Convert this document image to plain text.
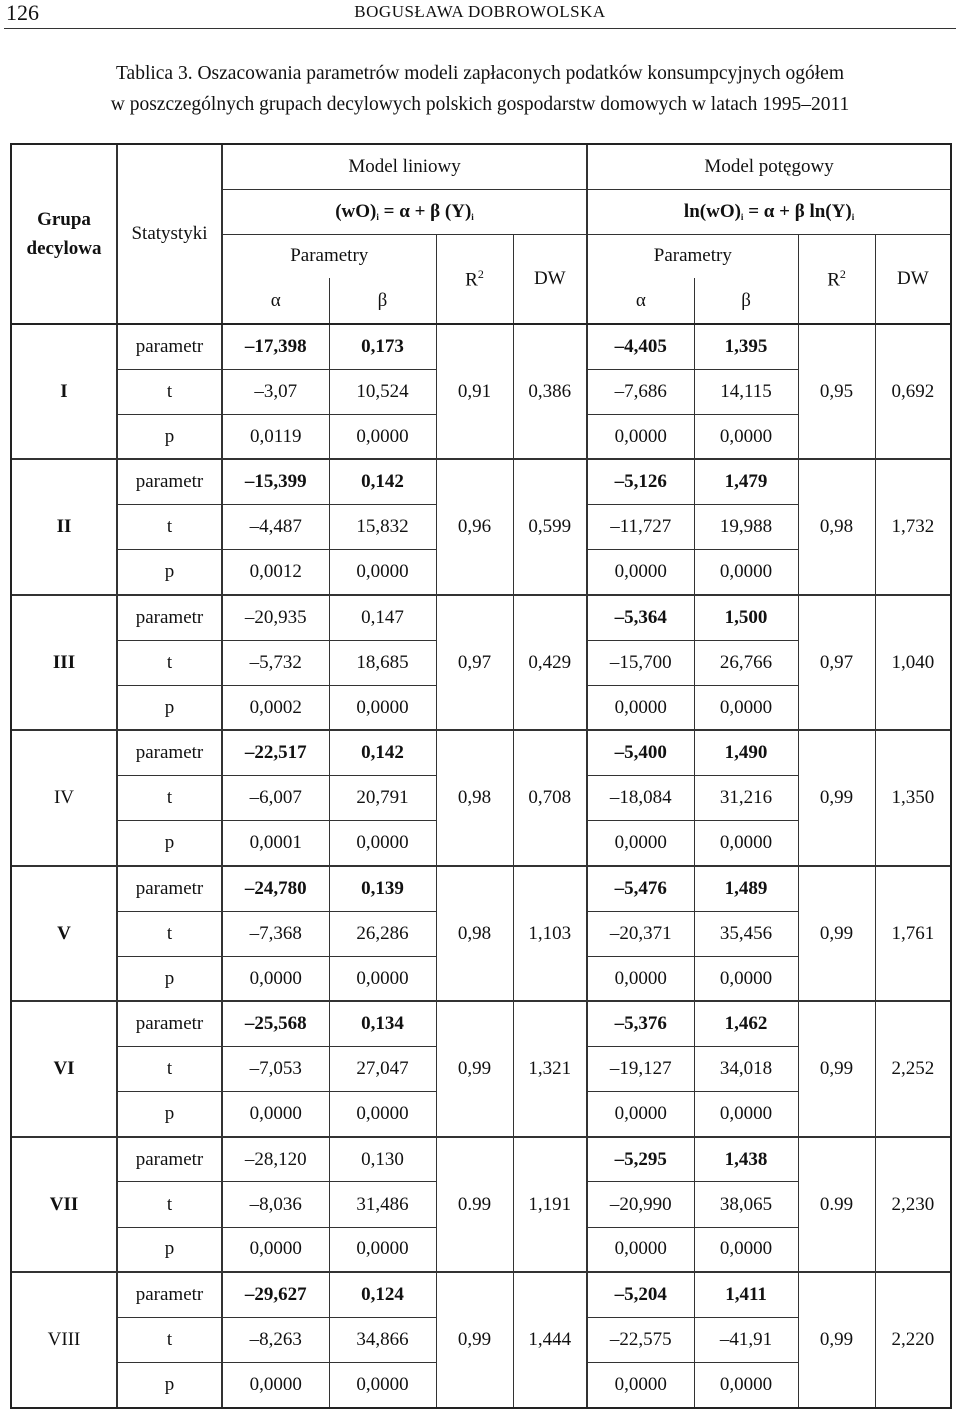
126	BOGUSŁAWA DOBROWOLSKA
Tablica 3. Oszacowania parametrów modeli zapłaconych podatków konsumpcyjnych ogółem
w poszczególnych grupach decylowych polskich gospodarstw domowych w latach 1995–2011
Grupa decylowa	Statystyki	Model liniowy				Model potęgowy			
		$(wO)_i = \alpha + \beta$ $(Y)_i$				$\ln(wO)_i = \alpha + \beta$ $\ln(Y)_i$
		Parametry		$R^2$	DW	Parametry		$R^2$	DW
		α	β			α	β		
I	parametr	–17,398	0,173	0,91	0,386	–4,405	1,395	0,95	0,692
	t	–3,07	10,524			–7,686	14,115		
	p	0,0119	0,0000			0,0000	0,0000		
II	parametr	–15,399	0,142	0,96	0,599	–5,126	1,479	0,98	1,732
	t	–4,487	15,832			–11,727	19,988		
	p	0,0012	0,0000			0,0000	0,0000		
III	parametr	–20,935	0,147	0,97	0,429	–5,364	1,500	0,97	1,040
	t	–5,732	18,685			–15,700	26,766		
	p	0,0002	0,0000			0,0000	0,0000		
IV	parametr	–22,517	0,142	0,98	0,708	–5,400	1,490	0,99	1,350
	t	–6,007	20,791			–18,084	31,216		
	p	0,0001	0,0000			0,0000	0,0000		
V	parametr	–24,780	0,139	0,98	1,103	–5,476	1,489	0,99	1,761
	t	–7,368	26,286			–20,371	35,456		
	p	0,0000	0,0000			0,0000	0,0000		
VI	parametr	–25,568	0,134	0,99	1,321	–5,376	1,462	0,99	2,252
	t	–7,053	27,047			–19,127	34,018		
	p	0,0000	0,0000			0,0000	0,0000		
VII	parametr	–28,120	0,130	0.99	1,191	–5,295	1,438	0.99	2,230
	t	–8,036	31,486			–20,990	38,065		
	p	0,0000	0,0000			0,0000	0,0000		
VIII	parametr	–29,627	0,124	0,99	1,444	–5,204	1,411	0,99	2,220
	t	–8,263	34,866			–22,575	–41,91		
	p	0,0000	0,0000			0,0000	0,0000		
